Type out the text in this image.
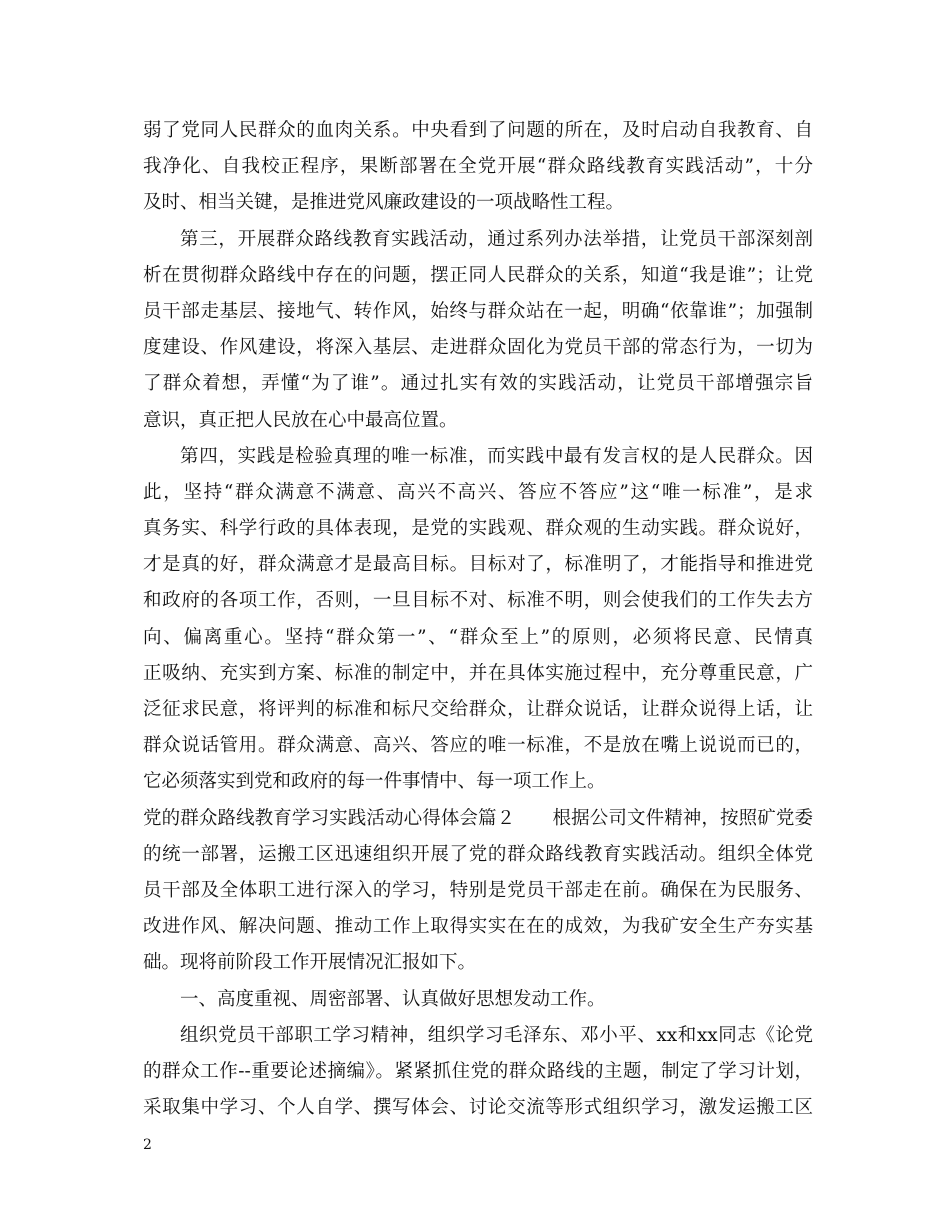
弱了党同人民群众的血肉关系。中央看到了问题的所在，及时启动自我教育、自
我净化、自我校正程序，果断部署在全党开展“群众路线教育实践活动”，十分
及时、相当关键，是推进党风廉政建设的一项战略性工程。
第三，开展群众路线教育实践活动，通过系列办法举措，让党员干部深刻剖
析在贯彻群众路线中存在的问题，摆正同人民群众的关系，知道“我是谁”；让党
员干部走基层、接地气、转作风，始终与群众站在一起，明确“依靠谁”；加强制
度建设、作风建设，将深入基层、走进群众固化为党员干部的常态行为，一切为
了群众着想，弄懂“为了谁”。通过扎实有效的实践活动，让党员干部增强宗旨
意识，真正把人民放在心中最高位置。
第四，实践是检验真理的唯一标准，而实践中最有发言权的是人民群众。因
此，坚持“群众满意不满意、高兴不高兴、答应不答应”这“唯一标准”，是求
真务实、科学行政的具体表现，是党的实践观、群众观的生动实践。群众说好，
才是真的好，群众满意才是最高目标。目标对了，标准明了，才能指导和推进党
和政府的各项工作，否则，一旦目标不对、标准不明，则会使我们的工作失去方
向、偏离重心。坚持“群众第一”、“群众至上”的原则，必须将民意、民情真
正吸纳、充实到方案、标准的制定中，并在具体实施过程中，充分尊重民意，广
泛征求民意，将评判的标准和标尺交给群众，让群众说话，让群众说得上话，让
群众说话管用。群众满意、高兴、答应的唯一标准，不是放在嘴上说说而已的，
它必须落实到党和政府的每一件事情中、每一项工作上。
党的群众路线教育学习实践活动心得体会篇２　　根据公司文件精神，按照矿党委
的统一部署，运搬工区迅速组织开展了党的群众路线教育实践活动。组织全体党
员干部及全体职工进行深入的学习，特别是党员干部走在前。确保在为民服务、
改进作风、解决问题、推动工作上取得实实在在的成效，为我矿安全生产夯实基
础。现将前阶段工作开展情况汇报如下。
一、高度重视、周密部署、认真做好思想发动工作。
组织党员干部职工学习精神，组织学习毛泽东、邓小平、xx和xx同志《论党
的群众工作--重要论述摘编》。紧紧抓住党的群众路线的主题，制定了学习计划，
采取集中学习、个人自学、撰写体会、讨论交流等形式组织学习，激发运搬工区
2
